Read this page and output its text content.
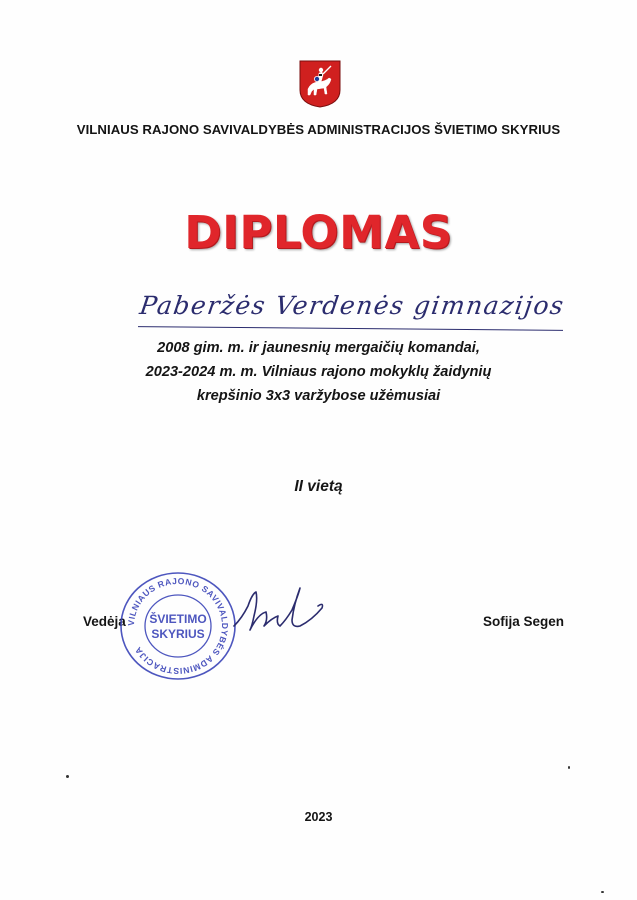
VILNIAUS RAJONO SAVIVALDYBĖS ADMINISTRACIJOS ŠVIETIMO SKYRIUS
DIPLOMAS
Paberžės Verdenės gimnazijos
2008 gim. m. ir jaunesnių mergaičių komandai,
2023-2024 m. m. Vilniaus rajono mokyklų žaidynių
krepšinio 3x3 varžybose užėmusiai
II vietą
Vedėja VILNIAUS RAJONO SAVIVALDYBĖS ADMINISTRACIJA
ŠVIETIMO
SKYRIUS
Sofija Segen
2023
